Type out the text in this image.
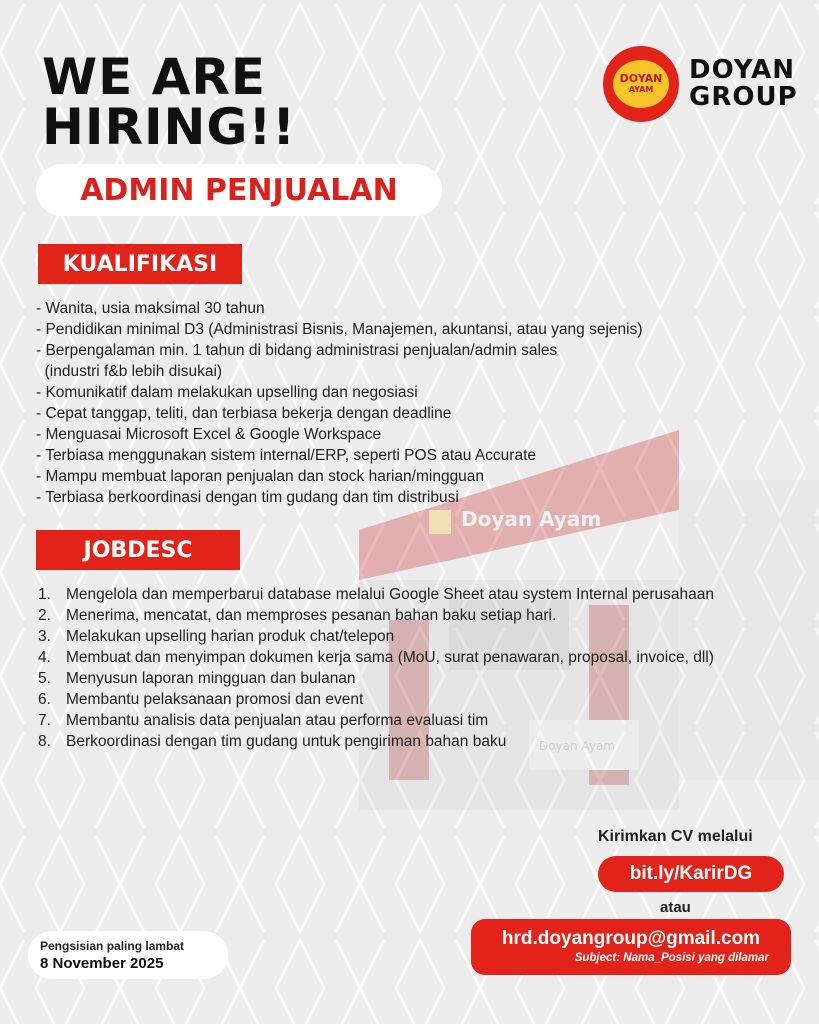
Doyan Ayam
Doyan Ayam
WE ARE
HIRING!!
DOYAN
AYAM
DOYAN
GROUP
ADMIN PENJUALAN
KUALIFIKASI
- Wanita, usia maksimal 30 tahun
- Pendidikan minimal D3 (Administrasi Bisnis, Manajemen, akuntansi, atau yang sejenis)
- Berpengalaman min. 1 tahun di bidang administrasi penjualan/admin sales
(industri f&b lebih disukai)
- Komunikatif dalam melakukan upselling dan negosiasi
- Cepat tanggap, teliti, dan terbiasa bekerja dengan deadline
- Menguasai Microsoft Excel & Google Workspace
- Terbiasa menggunakan sistem internal/ERP, seperti POS atau Accurate
- Mampu membuat laporan penjualan dan stock harian/mingguan
- Terbiasa berkoordinasi dengan tim gudang dan tim distribusi
JOBDESC
1. Mengelola dan memperbarui database melalui Google Sheet atau system Internal perusahaan
2. Menerima, mencatat, dan memproses pesanan bahan baku setiap hari.
3. Melakukan upselling harian produk chat/telepon
4. Membuat dan menyimpan dokumen kerja sama (MoU, surat penawaran, proposal, invoice, dll)
5. Menyusun laporan mingguan dan bulanan
6. Membantu pelaksanaan promosi dan event
7. Membantu analisis data penjualan atau performa evaluasi tim
8. Berkoordinasi dengan tim gudang untuk pengiriman bahan baku
Kirimkan CV melalui
bit.ly/KarirDG
atau
hrd.doyangroup@gmail.com
Subject: Nama_Posisi yang dilamar
Pengsisian paling lambat
8 November 2025
